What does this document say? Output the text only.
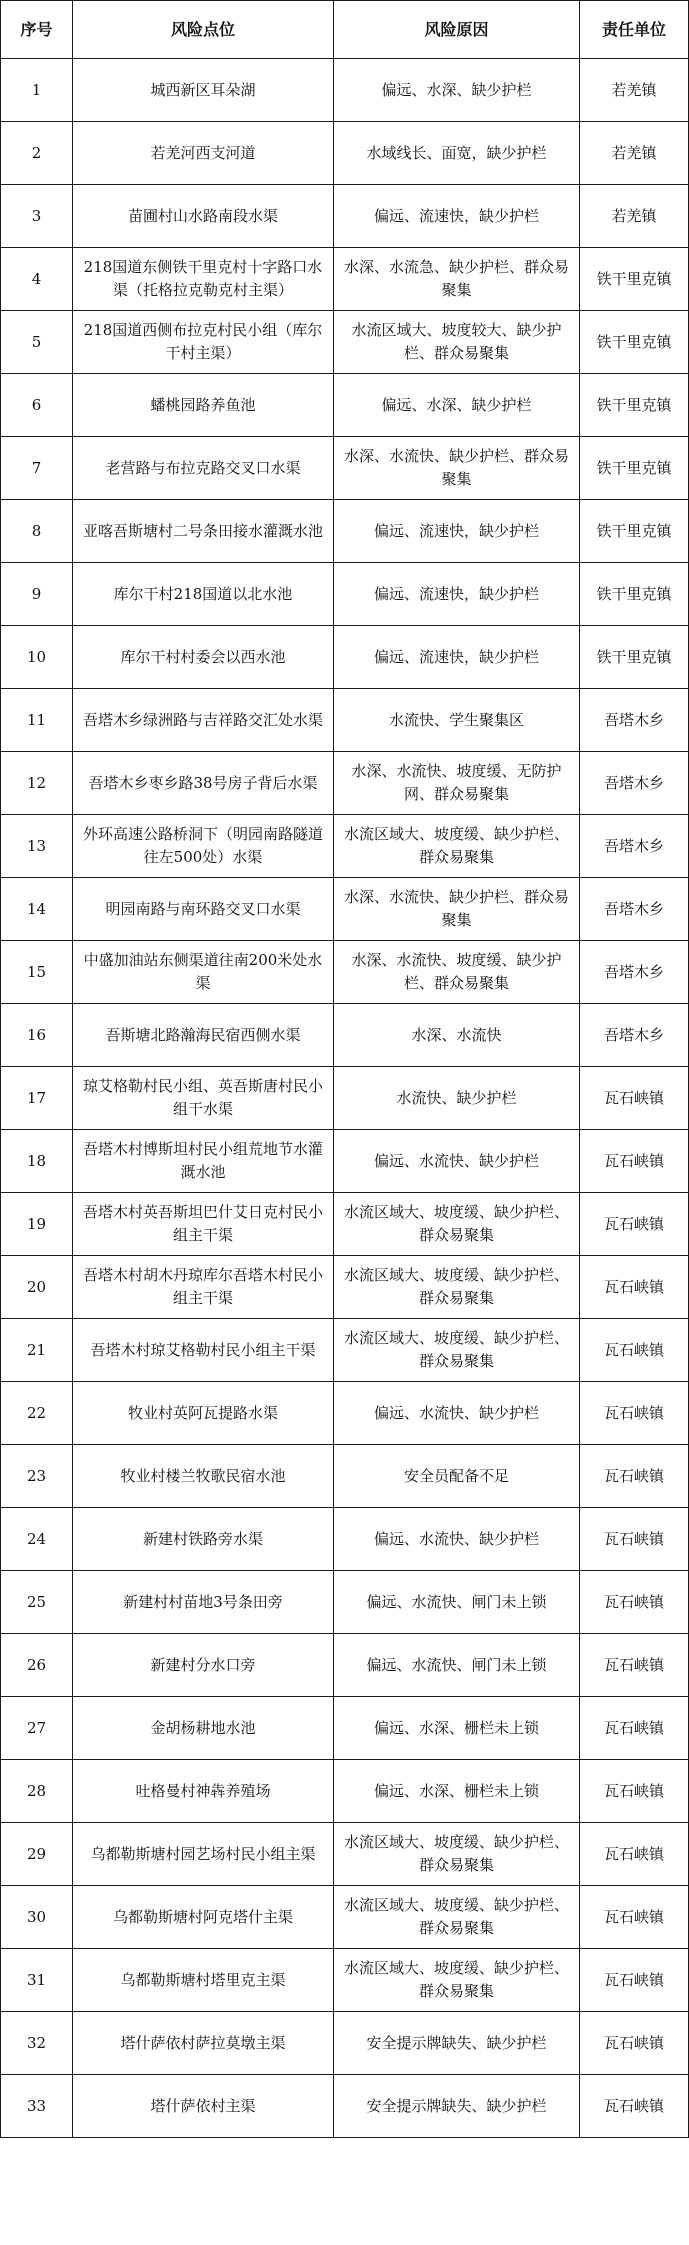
序号	风险点位	风险原因	责任单位
1	城西新区耳朵湖	偏远、水深、缺少护栏	若羌镇
2	若羌河西支河道	水域线长、面宽，缺少护栏	若羌镇
3	苗圃村山水路南段水渠	偏远、流速快，缺少护栏	若羌镇
4	218国道东侧铁干里克村十字路口水渠（托格拉克勒克村主渠）	水深、水流急、缺少护栏、群众易聚集	铁干里克镇
5	218国道西侧布拉克村民小组（库尔干村主渠）	水流区域大、坡度较大、缺少护栏、群众易聚集	铁干里克镇
6	蟠桃园路养鱼池	偏远、水深、缺少护栏	铁干里克镇
7	老营路与布拉克路交叉口水渠	水深、水流快、缺少护栏、群众易聚集	铁干里克镇
8	亚喀吾斯塘村二号条田接水灌溉水池	偏远、流速快，缺少护栏	铁干里克镇
9	库尔干村218国道以北水池	偏远、流速快，缺少护栏	铁干里克镇
10	库尔干村村委会以西水池	偏远、流速快，缺少护栏	铁干里克镇
11	吾塔木乡绿洲路与吉祥路交汇处水渠	水流快、学生聚集区	吾塔木乡
12	吾塔木乡枣乡路38号房子背后水渠	水深、水流快、坡度缓、无防护网、群众易聚集	吾塔木乡
13	外环高速公路桥洞下（明园南路隧道往左500处）水渠	水流区域大、坡度缓、缺少护栏、群众易聚集	吾塔木乡
14	明园南路与南环路交叉口水渠	水深、水流快、缺少护栏、群众易聚集	吾塔木乡
15	中盛加油站东侧渠道往南200米处水渠	水深、水流快、坡度缓、缺少护栏、群众易聚集	吾塔木乡
16	吾斯塘北路瀚海民宿西侧水渠	水深、水流快	吾塔木乡
17	琼艾格勒村民小组、英吾斯唐村民小组干水渠	水流快、缺少护栏	瓦石峡镇
18	吾塔木村博斯坦村民小组荒地节水灌溉水池	偏远、水流快、缺少护栏	瓦石峡镇
19	吾塔木村英吾斯坦巴什艾日克村民小组主干渠	水流区域大、坡度缓、缺少护栏、群众易聚集	瓦石峡镇
20	吾塔木村胡木丹琼库尔吾塔木村民小组主干渠	水流区域大、坡度缓、缺少护栏、群众易聚集	瓦石峡镇
21	吾塔木村琼艾格勒村民小组主干渠	水流区域大、坡度缓、缺少护栏、群众易聚集	瓦石峡镇
22	牧业村英阿瓦提路水渠	偏远、水流快、缺少护栏	瓦石峡镇
23	牧业村楼兰牧歌民宿水池	安全员配备不足	瓦石峡镇
24	新建村铁路旁水渠	偏远、水流快、缺少护栏	瓦石峡镇
25	新建村村苗地3号条田旁	偏远、水流快、闸门未上锁	瓦石峡镇
26	新建村分水口旁	偏远、水流快、闸门未上锁	瓦石峡镇
27	金胡杨耕地水池	偏远、水深、栅栏未上锁	瓦石峡镇
28	吐格曼村神犇养殖场	偏远、水深、栅栏未上锁	瓦石峡镇
29	乌都勒斯塘村园艺场村民小组主渠	水流区域大、坡度缓、缺少护栏、群众易聚集	瓦石峡镇
30	乌都勒斯塘村阿克塔什主渠	水流区域大、坡度缓、缺少护栏、群众易聚集	瓦石峡镇
31	乌都勒斯塘村塔里克主渠	水流区域大、坡度缓、缺少护栏、群众易聚集	瓦石峡镇
32	塔什萨依村萨拉莫墩主渠	安全提示牌缺失、缺少护栏	瓦石峡镇
33	塔什萨依村主渠	安全提示牌缺失、缺少护栏	瓦石峡镇
